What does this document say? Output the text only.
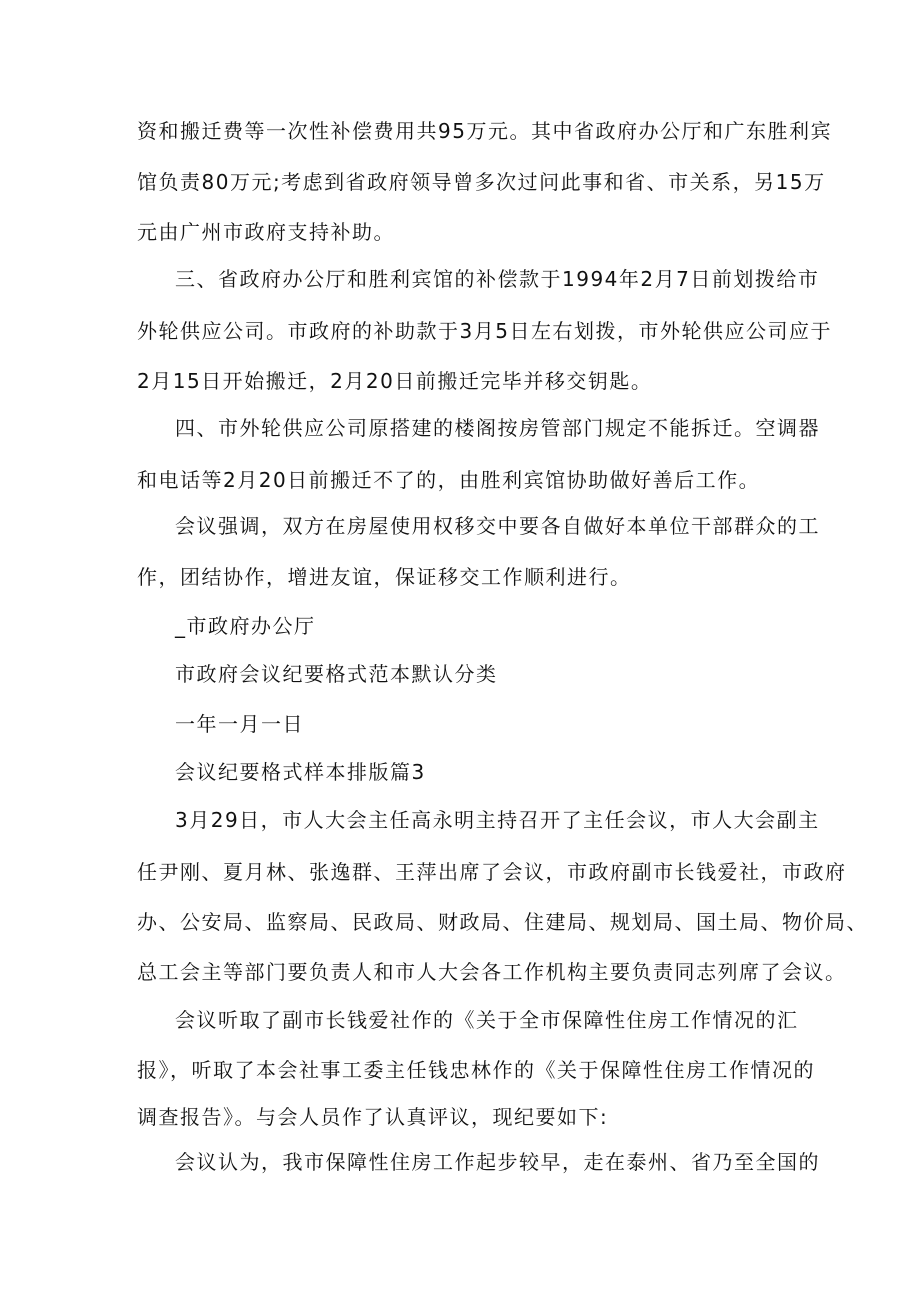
资和搬迁费等一次性补偿费用共95万元。其中省政府办公厅和广东胜利宾
馆负责80万元;考虑到省政府领导曾多次过问此事和省、市关系，另15万
元由广州市政府支持补助。
三、省政府办公厅和胜利宾馆的补偿款于1994年2月7日前划拨给市
外轮供应公司。市政府的补助款于3月5日左右划拨，市外轮供应公司应于
2月15日开始搬迁，2月20日前搬迁完毕并移交钥匙。
四、市外轮供应公司原搭建的楼阁按房管部门规定不能拆迁。空调器
和电话等2月20日前搬迁不了的，由胜利宾馆协助做好善后工作。
会议强调，双方在房屋使用权移交中要各自做好本单位干部群众的工
作，团结协作，增进友谊，保证移交工作顺利进行。
_市政府办公厅
市政府会议纪要格式范本默认分类
一年一月一日
会议纪要格式样本排版篇3
3月29日，市人大会主任高永明主持召开了主任会议，市人大会副主
任尹刚、夏月林、张逸群、王萍出席了会议，市政府副市长钱爱社，市政府
办、公安局、监察局、民政局、财政局、住建局、规划局、国土局、物价局、
总工会主等部门要负责人和市人大会各工作机构主要负责同志列席了会议。
会议听取了副市长钱爱社作的《关于全市保障性住房工作情况的汇
报》，听取了本会社事工委主任钱忠林作的《关于保障性住房工作情况的
调查报告》。与会人员作了认真评议，现纪要如下:
会议认为，我市保障性住房工作起步较早，走在泰州、省乃至全国的
